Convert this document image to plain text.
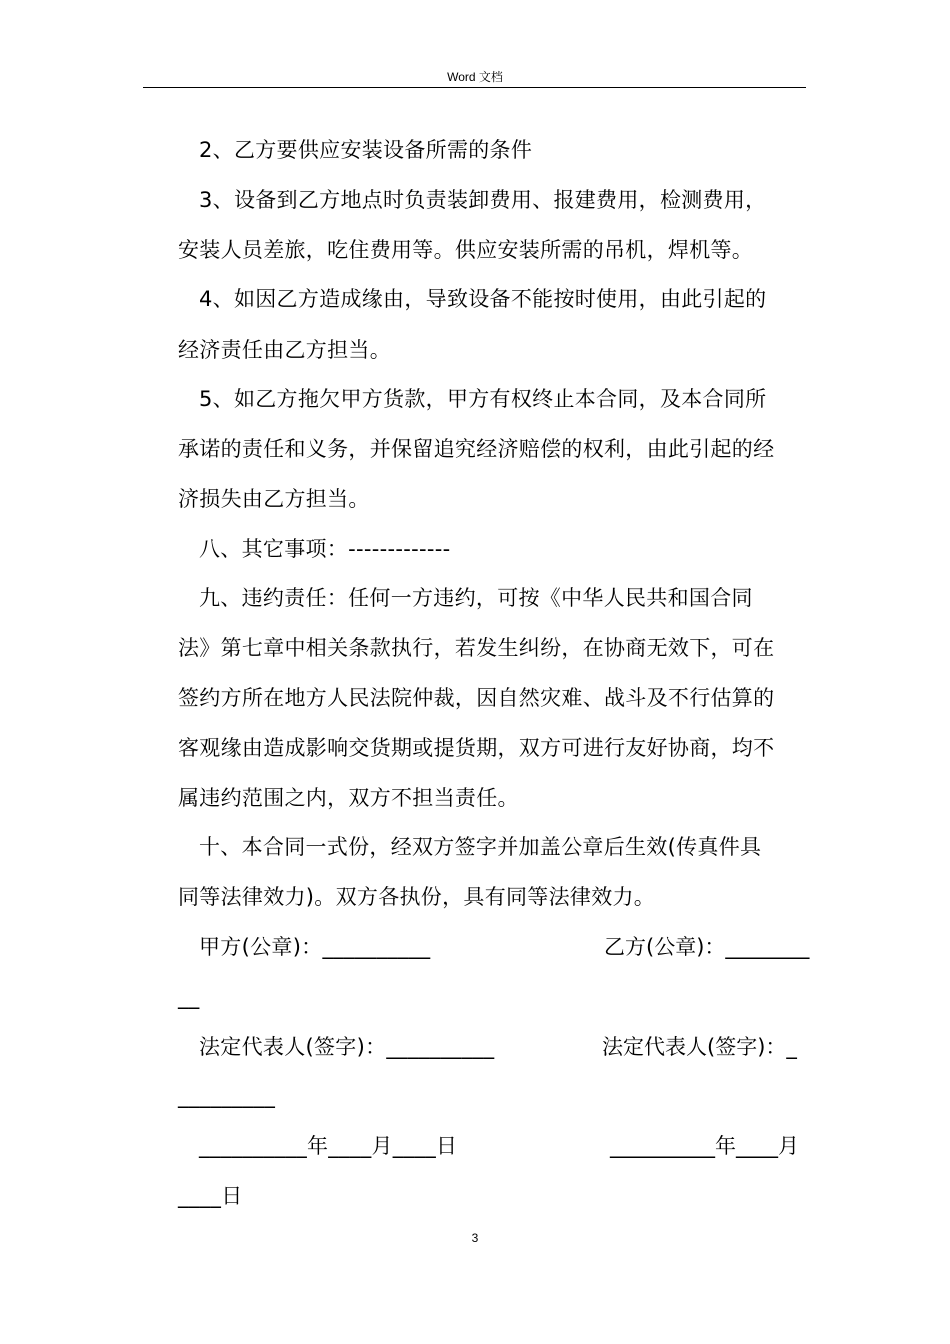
Word 文档
2、乙方要供应安装设备所需的条件
3、设备到乙方地点时负责装卸费用、报建费用，检测费用，
安装人员差旅，吃住费用等。供应安装所需的吊机，焊机等。
4、如因乙方造成缘由，导致设备不能按时使用，由此引起的
经济责任由乙方担当。
5、如乙方拖欠甲方货款，甲方有权终止本合同，及本合同所
承诺的责任和义务，并保留追究经济赔偿的权利，由此引起的经
济损失由乙方担当。
八、其它事项：-------------
九、违约责任：任何一方违约，可按《中华人民共和国合同
法》第七章中相关条款执行，若发生纠纷，在协商无效下，可在
签约方所在地方人民法院仲裁，因自然灾难、战斗及不行估算的
客观缘由造成影响交货期或提货期，双方可进行友好协商，均不
属违约范围之内，双方不担当责任。
十、本合同一式份，经双方签字并加盖公章后生效(传真件具
同等法律效力)。双方各执份，具有同等法律效力。
甲方(公章)：__________	乙方(公章)：________
__
法定代表人(签字)：__________	法定代表人(签字)：_
_________
__________年____月____日	__________年____月
____日
3
